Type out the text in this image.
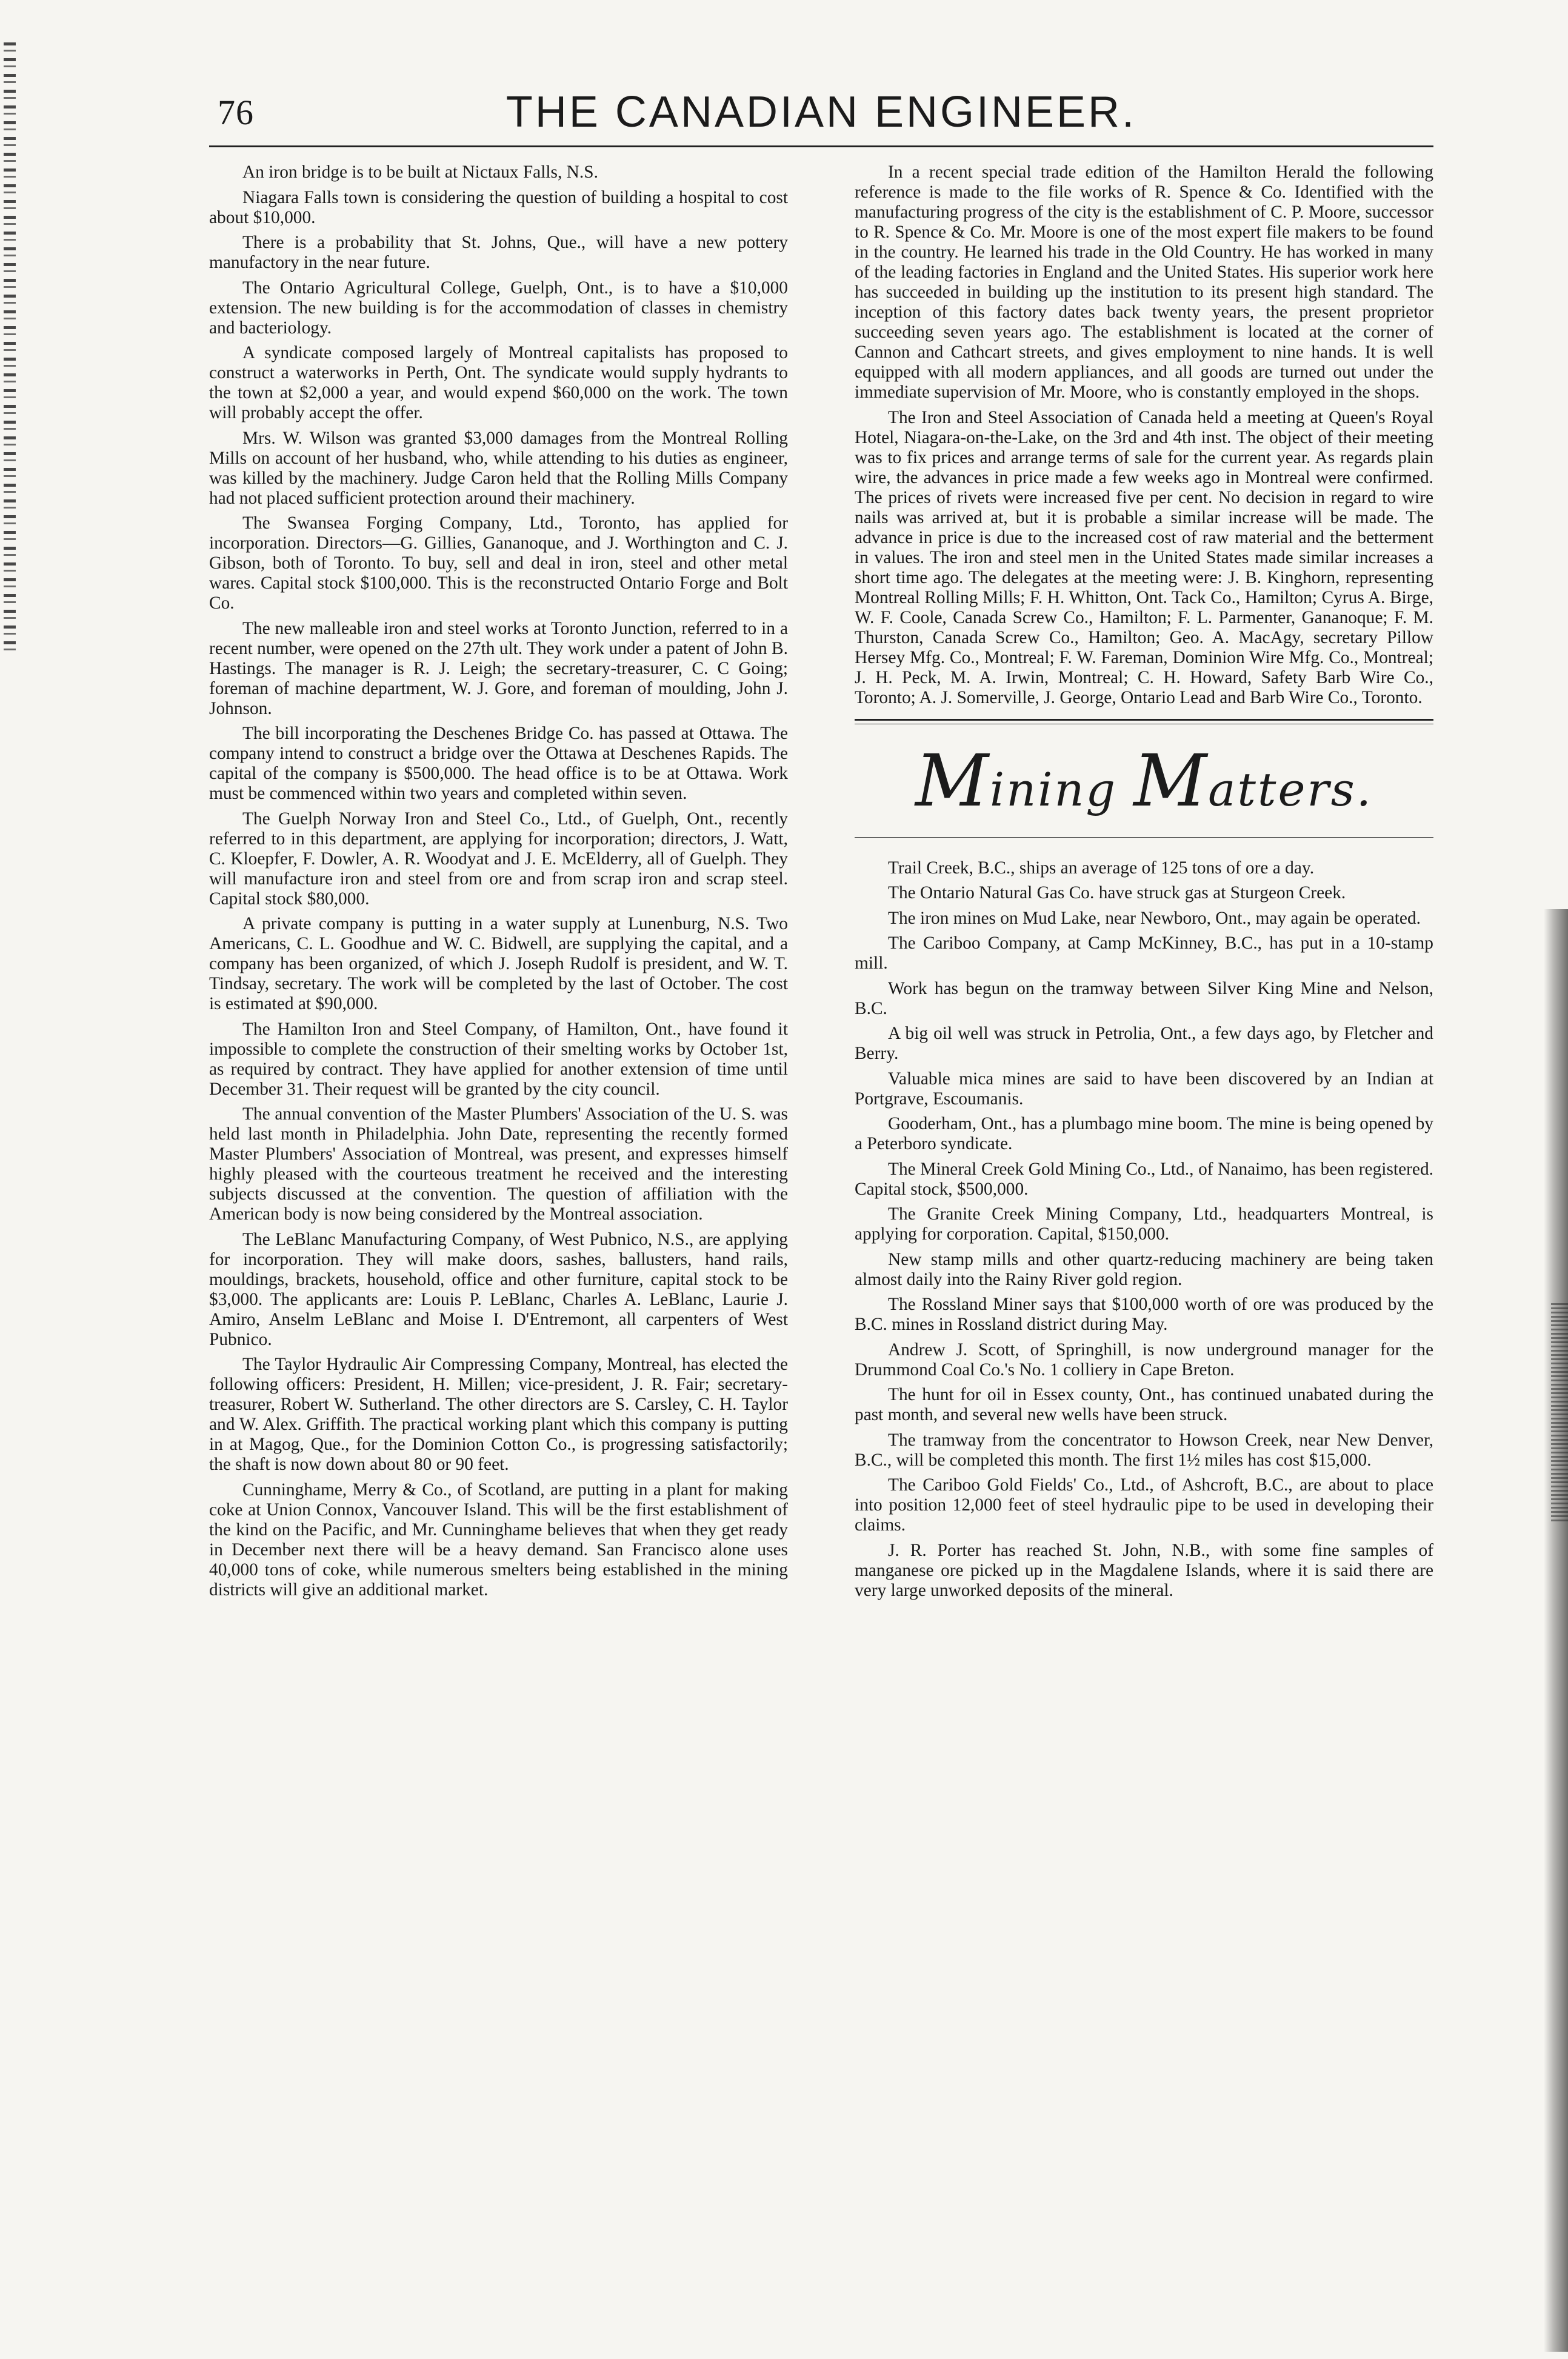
76	THE CANADIAN ENGINEER.

An iron bridge is to be built at Nictaux Falls, N.S.

Niagara Falls town is considering the question of building a hospital to cost about $10,000.

There is a probability that St. Johns, Que., will have a new pottery manufactory in the near future.

The Ontario Agricultural College, Guelph, Ont., is to have a $10,000 extension. The new building is for the accommodation of classes in chemistry and bacteriology.

A syndicate composed largely of Montreal capitalists has proposed to construct a waterworks in Perth, Ont. The syndicate would supply hydrants to the town at $2,000 a year, and would expend $60,000 on the work. The town will probably accept the offer.

Mrs. W. Wilson was granted $3,000 damages from the Montreal Rolling Mills on account of her husband, who, while attending to his duties as engineer, was killed by the machinery. Judge Caron held that the Rolling Mills Company had not placed sufficient protection around their machinery.

The Swansea Forging Company, Ltd., Toronto, has applied for incorporation. Directors—G. Gillies, Gananoque, and J. Worthington and C. J. Gibson, both of Toronto. To buy, sell and deal in iron, steel and other metal wares. Capital stock $100,000. This is the reconstructed Ontario Forge and Bolt Co.

The new malleable iron and steel works at Toronto Junction, referred to in a recent number, were opened on the 27th ult. They work under a patent of John B. Hastings. The manager is R. J. Leigh; the secretary-treasurer, C. C Going; foreman of machine department, W. J. Gore, and foreman of moulding, John J. Johnson.

The bill incorporating the Deschenes Bridge Co. has passed at Ottawa. The company intend to construct a bridge over the Ottawa at Deschenes Rapids. The capital of the company is $500,000. The head office is to be at Ottawa. Work must be commenced within two years and completed within seven.

The Guelph Norway Iron and Steel Co., Ltd., of Guelph, Ont., recently referred to in this department, are applying for incorporation; directors, J. Watt, C. Kloepfer, F. Dowler, A. R. Woodyat and J. E. McElderry, all of Guelph. They will manufacture iron and steel from ore and from scrap iron and scrap steel. Capital stock $80,000.

A private company is putting in a water supply at Lunenburg, N.S. Two Americans, C. L. Goodhue and W. C. Bidwell, are supplying the capital, and a company has been organized, of which J. Joseph Rudolf is president, and W. T. Tindsay, secretary. The work will be completed by the last of October. The cost is estimated at $90,000.

The Hamilton Iron and Steel Company, of Hamilton, Ont., have found it impossible to complete the construction of their smelting works by October 1st, as required by contract. They have applied for another extension of time until December 31. Their request will be granted by the city council.

The annual convention of the Master Plumbers' Association of the U. S. was held last month in Philadelphia. John Date, representing the recently formed Master Plumbers' Association of Montreal, was present, and expresses himself highly pleased with the courteous treatment he received and the interesting subjects discussed at the convention. The question of affiliation with the American body is now being considered by the Montreal association.

The LeBlanc Manufacturing Company, of West Pubnico, N.S., are applying for incorporation. They will make doors, sashes, ballusters, hand rails, mouldings, brackets, household, office and other furniture, capital stock to be $3,000. The applicants are: Louis P. LeBlanc, Charles A. LeBlanc, Laurie J. Amiro, Anselm LeBlanc and Moise I. D'Entremont, all carpenters of West Pubnico.

The Taylor Hydraulic Air Compressing Company, Montreal, has elected the following officers: President, H. Millen; vice-president, J. R. Fair; secretary-treasurer, Robert W. Sutherland. The other directors are S. Carsley, C. H. Taylor and W. Alex. Griffith. The practical working plant which this company is putting in at Magog, Que., for the Dominion Cotton Co., is progressing satisfactorily; the shaft is now down about 80 or 90 feet.

Cunninghame, Merry & Co., of Scotland, are putting in a plant for making coke at Union Connox, Vancouver Island. This will be the first establishment of the kind on the Pacific, and Mr. Cunninghame believes that when they get ready in December next there will be a heavy demand. San Francisco alone uses 40,000 tons of coke, while numerous smelters being established in the mining districts will give an additional market.

In a recent special trade edition of the Hamilton Herald the following reference is made to the file works of R. Spence & Co. Identified with the manufacturing progress of the city is the establishment of C. P. Moore, successor to R. Spence & Co. Mr. Moore is one of the most expert file makers to be found in the country. He learned his trade in the Old Country. He has worked in many of the leading factories in England and the United States. His superior work here has succeeded in building up the institution to its present high standard. The inception of this factory dates back twenty years, the present proprietor succeeding seven years ago. The establishment is located at the corner of Cannon and Cathcart streets, and gives employment to nine hands. It is well equipped with all modern appliances, and all goods are turned out under the immediate supervision of Mr. Moore, who is constantly employed in the shops.

The Iron and Steel Association of Canada held a meeting at Queen's Royal Hotel, Niagara-on-the-Lake, on the 3rd and 4th inst. The object of their meeting was to fix prices and arrange terms of sale for the current year. As regards plain wire, the advances in price made a few weeks ago in Montreal were confirmed. The prices of rivets were increased five per cent. No decision in regard to wire nails was arrived at, but it is probable a similar increase will be made. The advance in price is due to the increased cost of raw material and the betterment in values. The iron and steel men in the United States made similar increases a short time ago. The delegates at the meeting were: J. B. Kinghorn, representing Montreal Rolling Mills; F. H. Whitton, Ont. Tack Co., Hamilton; Cyrus A. Birge, W. F. Coole, Canada Screw Co., Hamilton; F. L. Parmenter, Gananoque; F. M. Thurston, Canada Screw Co., Hamilton; Geo. A. MacAgy, secretary Pillow Hersey Mfg. Co., Montreal; F. W. Fareman, Dominion Wire Mfg. Co., Montreal; J. H. Peck, M. A. Irwin, Montreal; C. H. Howard, Safety Barb Wire Co., Toronto; A. J. Somerville, J. George, Ontario Lead and Barb Wire Co., Toronto.

Mining Matters.

Trail Creek, B.C., ships an average of 125 tons of ore a day.

The Ontario Natural Gas Co. have struck gas at Sturgeon Creek.

The iron mines on Mud Lake, near Newboro, Ont., may again be operated.

The Cariboo Company, at Camp McKinney, B.C., has put in a 10-stamp mill.

Work has begun on the tramway between Silver King Mine and Nelson, B.C.

A big oil well was struck in Petrolia, Ont., a few days ago, by Fletcher and Berry.

Valuable mica mines are said to have been discovered by an Indian at Portgrave, Escoumanis.

Gooderham, Ont., has a plumbago mine boom. The mine is being opened by a Peterboro syndicate.

The Mineral Creek Gold Mining Co., Ltd., of Nanaimo, has been registered. Capital stock, $500,000.

The Granite Creek Mining Company, Ltd., headquarters Montreal, is applying for corporation. Capital, $150,000.

New stamp mills and other quartz-reducing machinery are being taken almost daily into the Rainy River gold region.

The Rossland Miner says that $100,000 worth of ore was produced by the B.C. mines in Rossland district during May.

Andrew J. Scott, of Springhill, is now underground manager for the Drummond Coal Co.'s No. 1 colliery in Cape Breton.

The hunt for oil in Essex county, Ont., has continued unabated during the past month, and several new wells have been struck.

The tramway from the concentrator to Howson Creek, near New Denver, B.C., will be completed this month. The first 1½ miles has cost $15,000.

The Cariboo Gold Fields' Co., Ltd., of Ashcroft, B.C., are about to place into position 12,000 feet of steel hydraulic pipe to be used in developing their claims.

J. R. Porter has reached St. John, N.B., with some fine samples of manganese ore picked up in the Magdalene Islands, where it is said there are very large unworked deposits of the mineral.
